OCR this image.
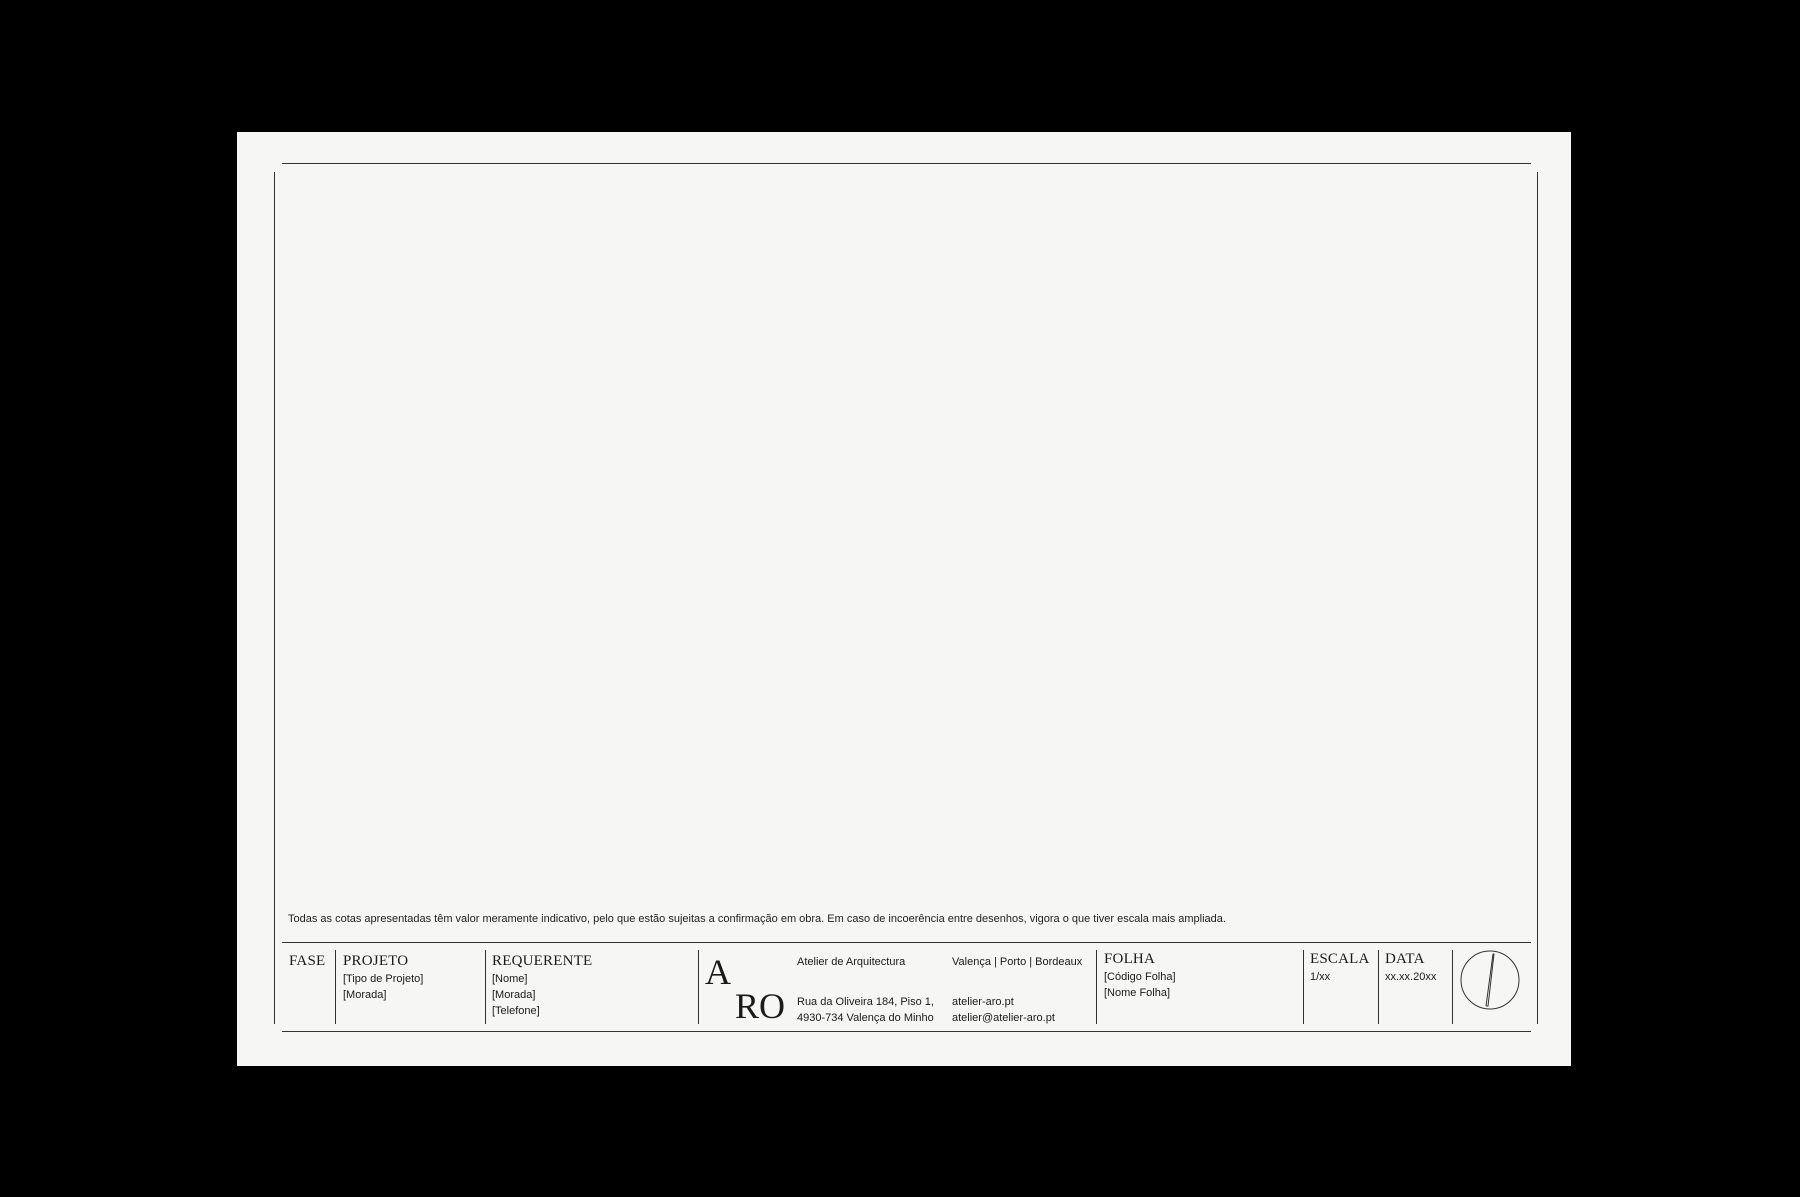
Todas as cotas apresentadas têm valor meramente indicativo, pelo que estão sujeitas a confirmação em obra. Em caso de incoerência entre desenhos, vigora o que tiver escala mais ampliada.
FASE PROJETO
[Tipo de Projeto]
[Morada]
REQUERENTE
[Nome]
[Morada]
[Telefone]
A
RO
Atelier de Arquitectura	Valença | Porto | Bordeaux
Rua da Oliveira 184, Piso 1,
4930-734 Valença do Minho
atelier-aro.pt
atelier@atelier-aro.pt
FOLHA
[Código Folha]
[Nome Folha]
ESCALA
1/xx
DATA
xx.xx.20xx
